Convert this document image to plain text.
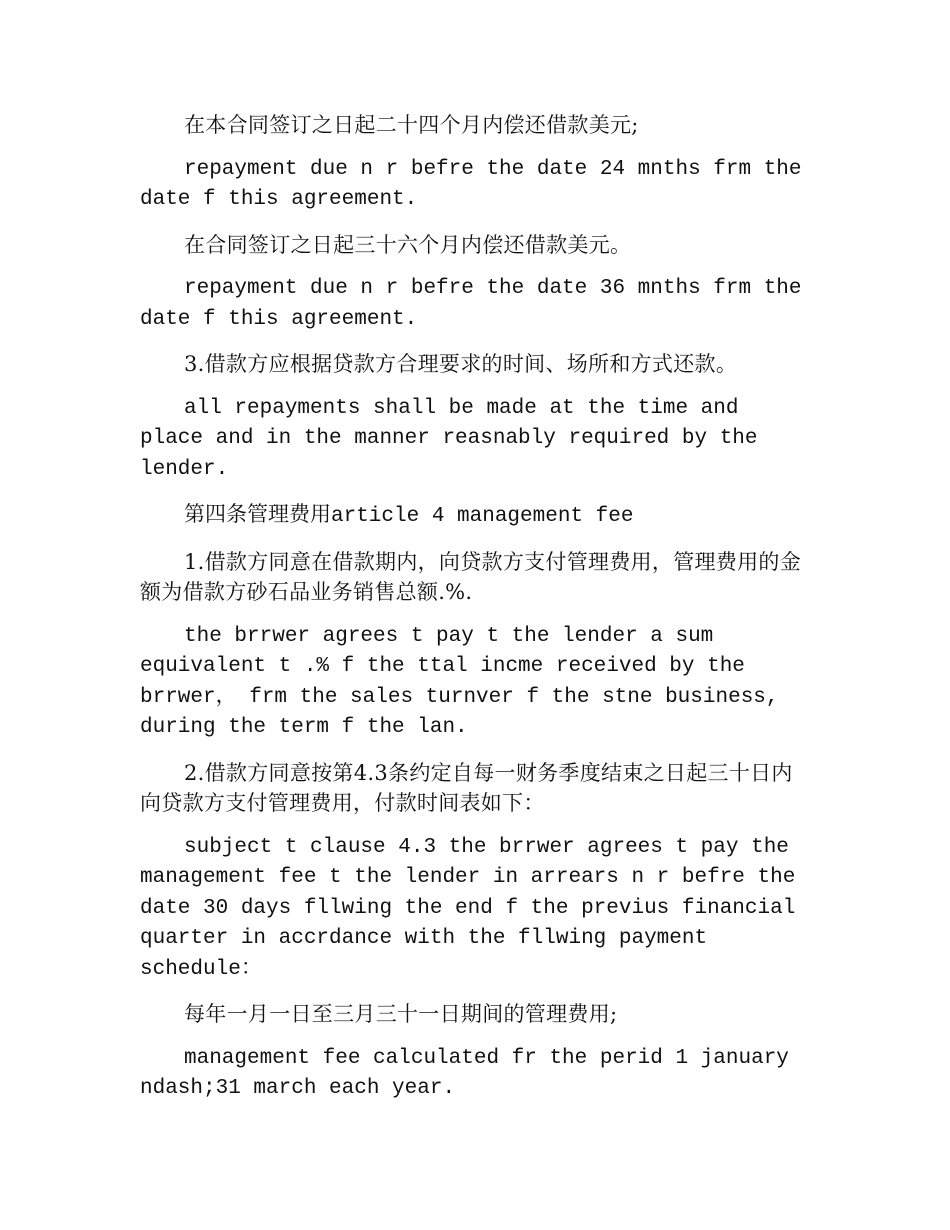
在本合同签订之日起二十四个月内偿还借款美元;

repayment due n r befre the date 24 mnths frm the date f this agreement.

在合同签订之日起三十六个月内偿还借款美元。

repayment due n r befre the date 36 mnths frm the date f this agreement.

3.借款方应根据贷款方合理要求的时间、场所和方式还款。

all repayments shall be made at the time and place and in the manner reasnably required by the lender.

第四条管理费用article 4 management fee

1.借款方同意在借款期内，向贷款方支付管理费用，管理费用的金额为借款方砂石品业务销售总额.%.

the brrwer agrees t pay t the lender a sum equivalent t .% f the ttal incme received by the brrwer， frm the sales turnver f the stne business, during the term f the lan.

2.借款方同意按第4.3条约定自每一财务季度结束之日起三十日内向贷款方支付管理费用，付款时间表如下：

subject t clause 4.3 the brrwer agrees t pay the management fee t the lender in arrears n r befre the date 30 days fllwing the end f the previus financial quarter in accrdance with the fllwing payment schedule：

每年一月一日至三月三十一日期间的管理费用;

management fee calculated fr the perid 1 january ndash;31 march each year.
